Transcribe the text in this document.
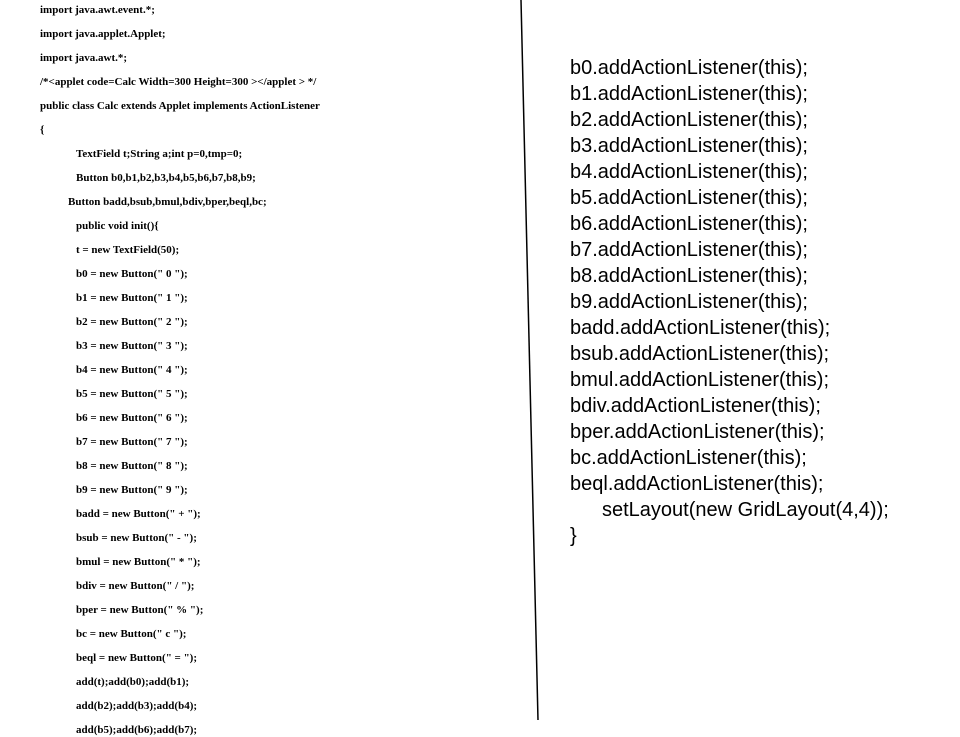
import java.awt.event.*;
import java.applet.Applet;
import java.awt.*;
/*<applet code=Calc Width=300 Height=300 ></applet > */
public class Calc extends Applet implements ActionListener
{
TextField t;String a;int p=0,tmp=0;
Button b0,b1,b2,b3,b4,b5,b6,b7,b8,b9;
Button badd,bsub,bmul,bdiv,bper,beql,bc;
public void init(){
t = new TextField(50);
b0 = new Button(" 0 ");
b1 = new Button(" 1 ");
b2 = new Button(" 2 ");
b3 = new Button(" 3 ");
b4 = new Button(" 4 ");
b5 = new Button(" 5 ");
b6 = new Button(" 6 ");
b7 = new Button(" 7 ");
b8 = new Button(" 8 ");
b9 = new Button(" 9 ");
badd = new Button(" + ");
bsub = new Button(" - ");
bmul = new Button(" * ");
bdiv = new Button(" / ");
bper = new Button(" % ");
bc = new Button(" c ");
beql = new Button(" = ");
add(t);add(b0);add(b1);
add(b2);add(b3);add(b4);
add(b5);add(b6);add(b7);
b0.addActionListener(this);
b1.addActionListener(this);
b2.addActionListener(this);
b3.addActionListener(this);
b4.addActionListener(this);
b5.addActionListener(this);
b6.addActionListener(this);
b7.addActionListener(this);
b8.addActionListener(this);
b9.addActionListener(this);
badd.addActionListener(this);
bsub.addActionListener(this);
bmul.addActionListener(this);
bdiv.addActionListener(this);
bper.addActionListener(this);
bc.addActionListener(this);
beql.addActionListener(this);
setLayout(new GridLayout(4,4));
}
